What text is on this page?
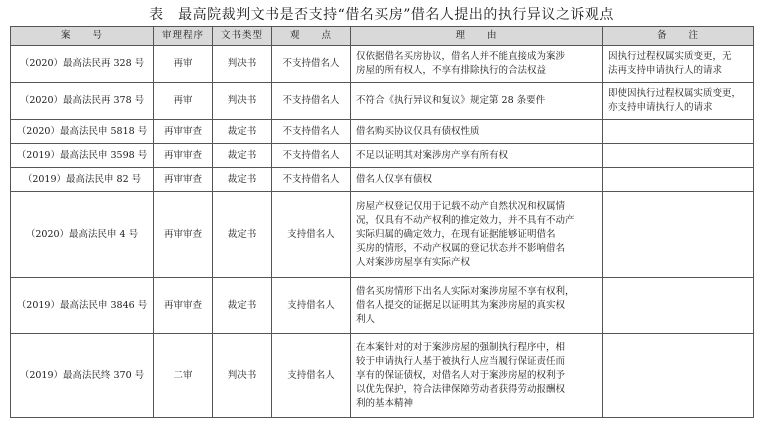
表　最高院裁判文书是否支持“借名买房”借名人提出的执行异议之诉观点
案　　号	审理程序	文书类型	观　　点	理　　由	备　　注
（2020）最高法民再 328 号	再审	判决书	不支持借名人	仅依据借名买房协议，借名人并不能直接成为案涉
房屋的所有权人，不享有排除执行的合法权益	因执行过程权属实质变更，无
法再支持申请执行人的请求
（2020）最高法民再 378 号	再审	判决书	不支持借名人	不符合《执行异议和复议》规定第 28 条要件	即使因执行过程权属实质变更，
亦支持申请执行人的请求
（2020）最高法民申 5818 号	再审审查	裁定书	不支持借名人	借名购买协议仅具有债权性质	
（2019）最高法民申 3598 号	再审审查	裁定书	不支持借名人	不足以证明其对案涉房产享有所有权	
（2019）最高法民申 82 号	再审审查	裁定书	不支持借名人	借名人仅享有债权	
（2020）最高法民申 4 号	再审审查	裁定书	支持借名人	房屋产权登记仅用于记载不动产自然状况和权属情
况，仅具有不动产权利的推定效力，并不具有不动产
实际归属的确定效力，在现有证据能够证明借名
买房的情形，不动产权属的登记状态并不影响借名
人对案涉房屋享有实际产权	
（2019）最高法民申 3846 号	再审审查	裁定书	支持借名人	借名买房情形下出名人实际对案涉房屋不享有权利，
借名人提交的证据足以证明其为案涉房屋的真实权
利人	
（2019）最高法民终 370 号	二审	判决书	支持借名人	在本案针对的对于案涉房屋的强制执行程序中，相
较于申请执行人基于被执行人应当履行保证责任而
享有的保证债权，对借名人对于案涉房屋的权利予
以优先保护，符合法律保障劳动者获得劳动报酬权
利的基本精神	
